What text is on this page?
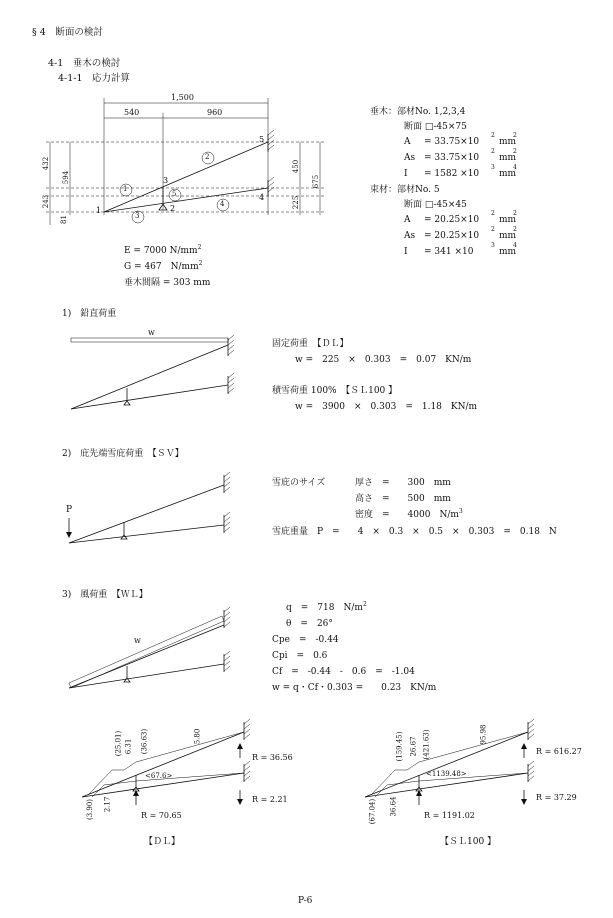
§ 4　断面の検討
4-1　垂木の検討
4-1-1　応力計算
1,500
540	960
432
594
243
81
450
225
675
1
2
3
4
5
1	2
3
4
5
垂木：部材No. 1,2,3,4
断面 □-45×75
A = 33.75×10
2
mm
2
As = 33.75×10
2
mm
2
I = 1582 ×10
3
mm
4
束材：部材No. 5
断面 □-45×45
A = 20.25×10
2
mm
2
As = 20.25×10
2
mm
2
I = 341 ×10
3
mm
4
E = 7000 $N/mm^2$
G = 467　$N/mm^2$
垂木間隔 = 303 mm
1)　鉛直荷重
w
固定荷重　【ＤＬ】
w =　225　×　0.303　=　0.07　KN/m
積雪荷重 100%　【ＳＬ100 】
w =　3900　×　0.303　=　1.18　KN/m
2)　庇先端雪庇荷重　【ＳＶ】
P
雪庇のサイズ	厚さ　=　　300　mm
高さ　=　　500　mm
密度　=　　4000　$N/m^3$
雪庇重量　P　=　　4　×　0.3　×　0.5　×　0.303　=　0.18　N
3)　風荷重　【ＷＬ】
w
q　=　718　$N/m^2$
θ　=　26°
Cpe　=　-0.44
Cpi　=　0.6
Cf　=　-0.44　-　0.6　=　-1.04
w = q・Cf・0.303 =　　0.23　KN/m
(25.01) 6.31 (36.63)	5.80
(3.90) 2.17
<67.6>
R = 36.56
R = 2.21
R = 70.65
【ＤＬ】
(159.45) 26.67 (421.63)	95.98
(67.04) 36.64
<1139.48>
R = 616.27
R = 37.29
R = 1191.02
【ＳＬ100 】
P-6
